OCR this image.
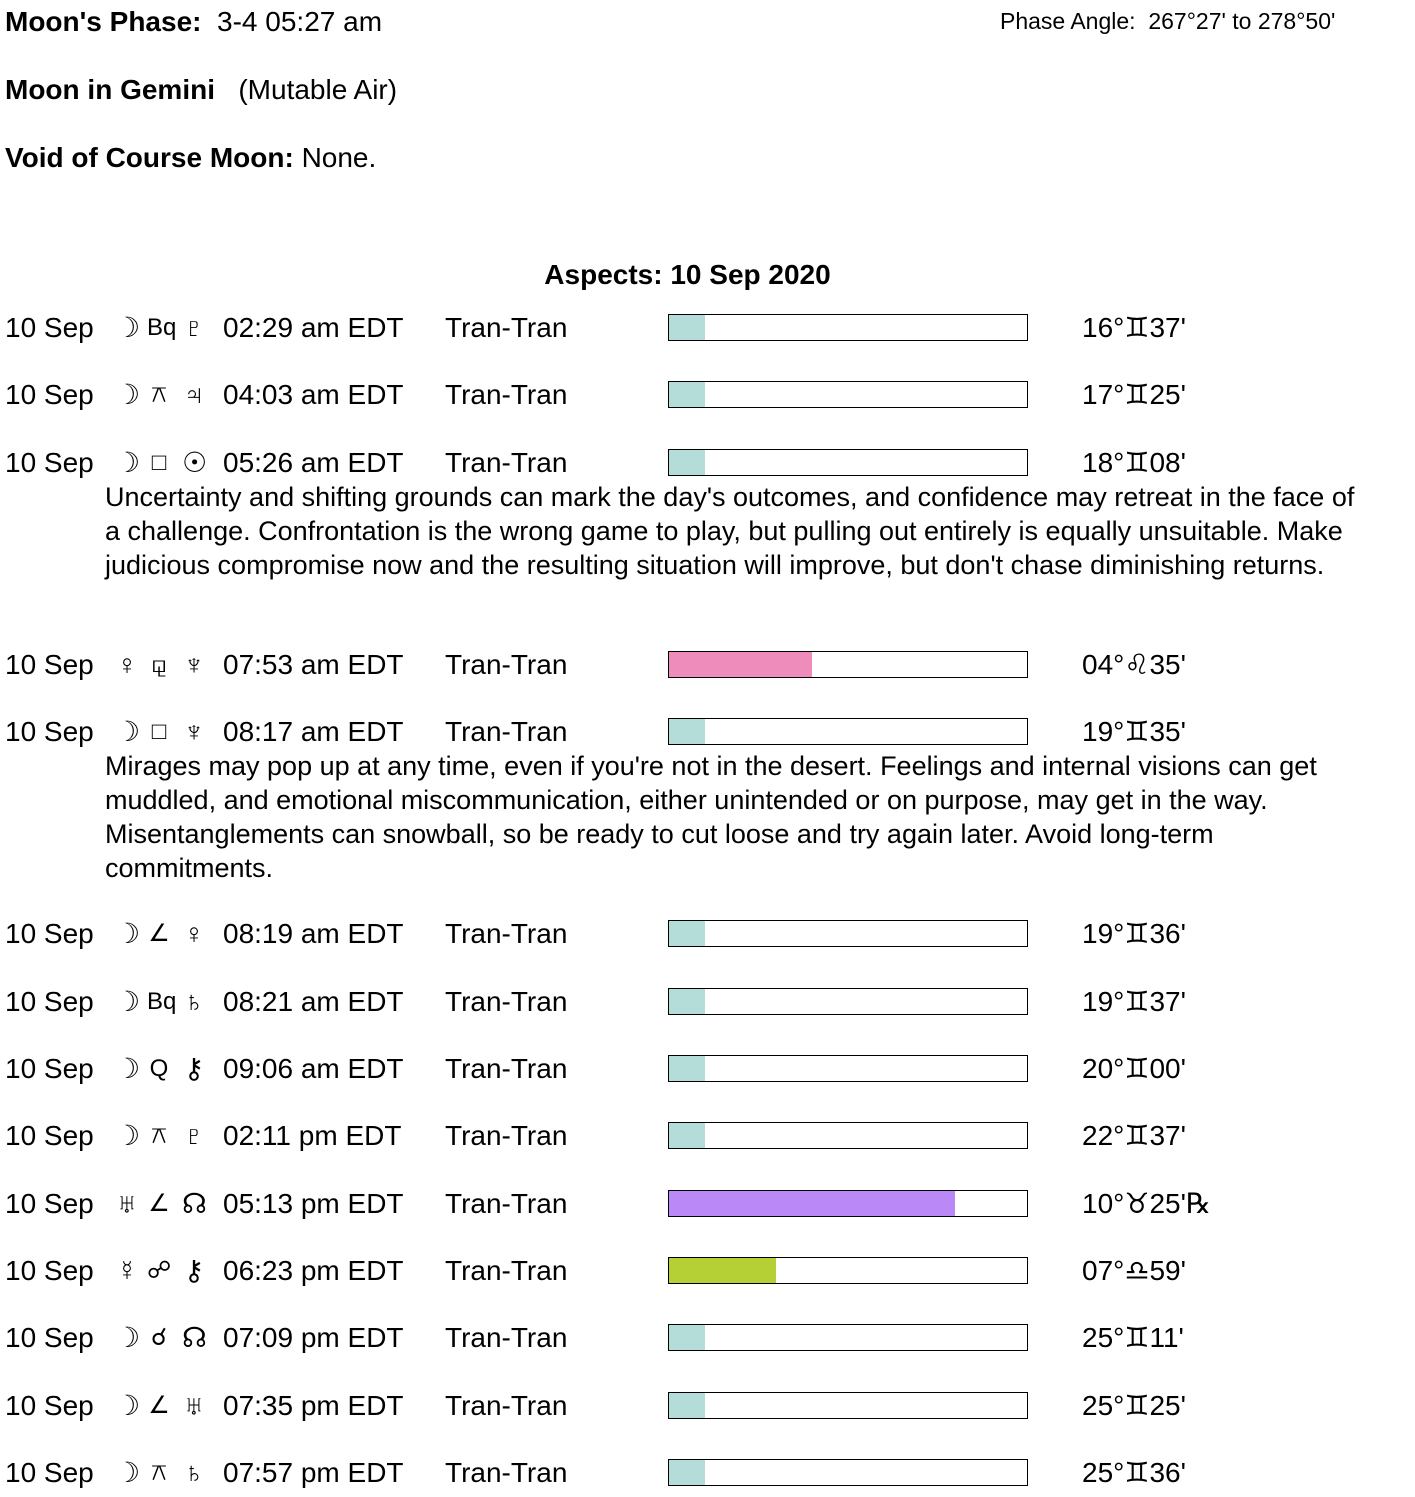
Moon's Phase: 3-4 05:27 am	Phase Angle: 267°27' to 278°50'
Moon in Gemini (Mutable Air)
Void of Course Moon: None.
Aspects: 10 Sep 2020
10 Sep ☽ Bq ♇ 02:29 am EDT Tran-Tran	16°♊37'
10 Sep ☽ ⚻ ♃ 04:03 am EDT Tran-Tran	17°♊25'
10 Sep ☽ □ ☉ 05:26 am EDT Tran-Tran	18°♊08'
Uncertainty and shifting grounds can mark the day's outcomes, and confidence may retreat in the face of a challenge. Confrontation is the wrong game to play, but pulling out entirely is equally unsuitable. Make judicious compromise now and the resulting situation will improve, but don't chase diminishing returns.
10 Sep ♀ ⚼ ♆ 07:53 am EDT Tran-Tran	04°♌35'
10 Sep ☽ □ ♆ 08:17 am EDT Tran-Tran	19°♊35'
Mirages may pop up at any time, even if you're not in the desert. Feelings and internal visions can get muddled, and emotional miscommunication, either unintended or on purpose, may get in the way. Misentanglements can snowball, so be ready to cut loose and try again later. Avoid long-term commitments.
10 Sep ☽ ∠ ♀ 08:19 am EDT Tran-Tran	19°♊36'
10 Sep ☽ Bq ♄ 08:21 am EDT Tran-Tran	19°♊37'
10 Sep ☽ Q ⚷ 09:06 am EDT Tran-Tran	20°♊00'
10 Sep ☽ ⚻ ♇ 02:11 pm EDT Tran-Tran	22°♊37'
10 Sep ♅ ∠ ☊ 05:13 pm EDT Tran-Tran	10°♉25'℞
10 Sep ☿ ☍ ⚷ 06:23 pm EDT Tran-Tran	07°♎59'
10 Sep ☽ ☌ ☊ 07:09 pm EDT Tran-Tran	25°♊11'
10 Sep ☽ ∠ ♅ 07:35 pm EDT Tran-Tran	25°♊25'
10 Sep ☽ ⚻ ♄ 07:57 pm EDT Tran-Tran	25°♊36'
